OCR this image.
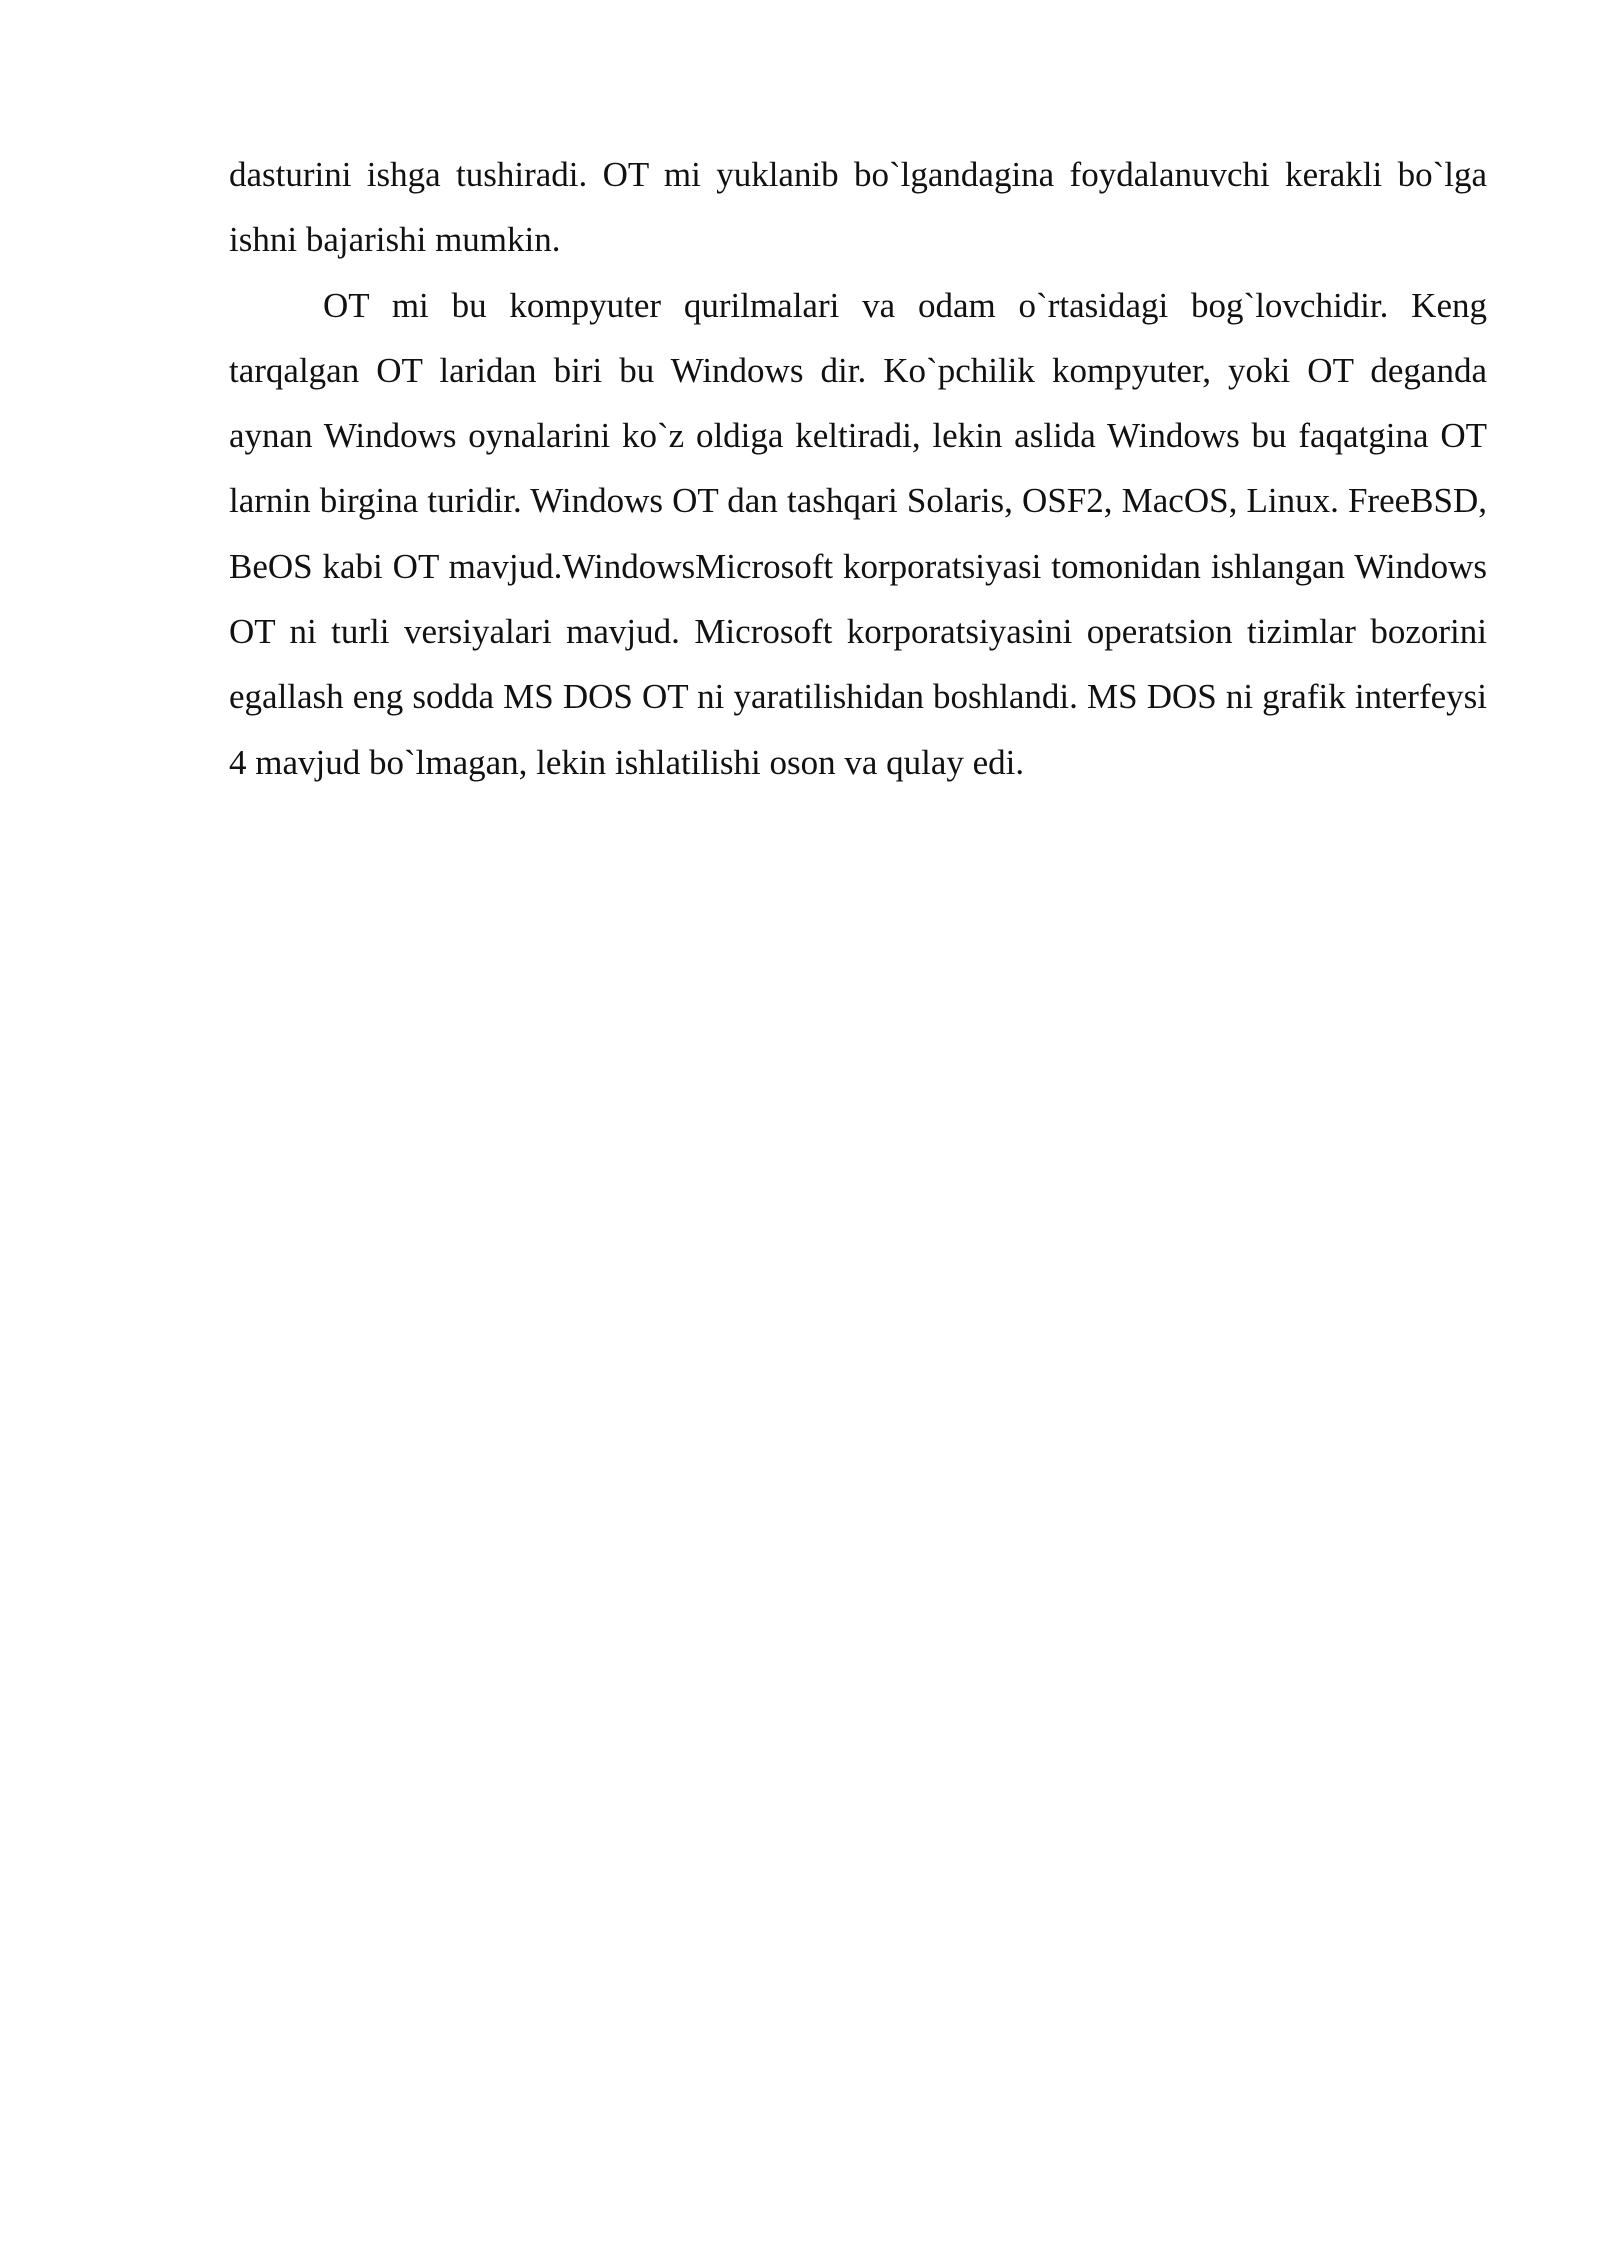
dasturini ishga tushiradi. OT mi yuklanib bo`lgandagina foydalanuvchi kerakli bo`lga ishni bajarishi mumkin.

OT mi bu kompyuter qurilmalari va odam o`rtasidagi bog`lovchidir. Keng tarqalgan OT laridan biri bu Windows dir. Ko`pchilik kompyuter, yoki OT deganda aynan Windows oynalarini ko`z oldiga keltiradi, lekin aslida Windows bu faqatgina OT larnin birgina turidir. Windows OT dan tashqari Solaris, OSF2, MacOS, Linux. FreeBSD, BeOS kabi OT mavjud.WindowsMicrosoft korporatsiyasi tomonidan ishlangan Windows OT ni turli versiyalari mavjud. Microsoft korporatsiyasini operatsion tizimlar bozorini egallash eng sodda MS DOS OT ni yaratilishidan boshlandi. MS DOS ni grafik interfeysi 4 mavjud bo`lmagan, lekin ishlatilishi oson va qulay edi.
